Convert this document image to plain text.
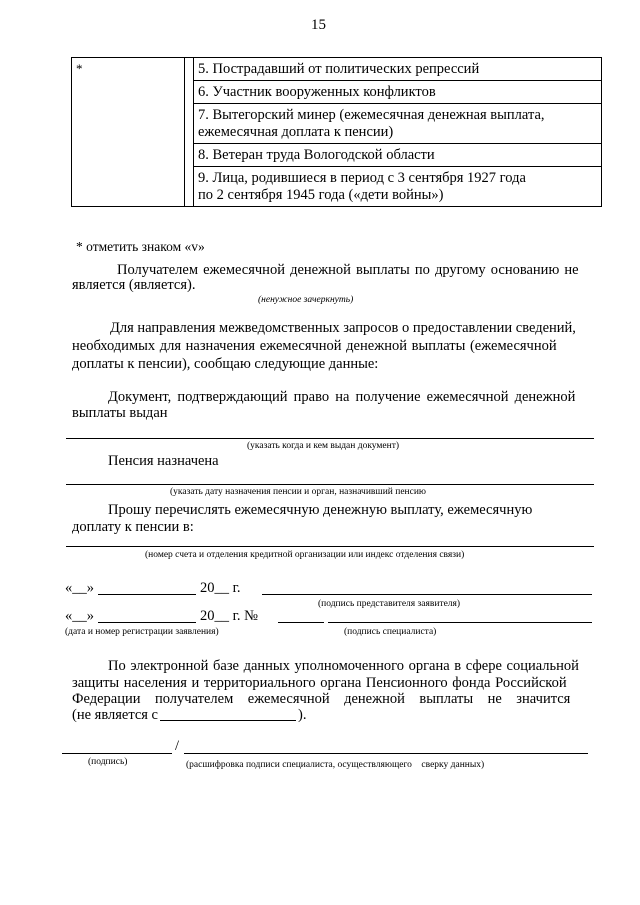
15
*		5. Пострадавший от политических репрессий
6. Участник вооруженных конфликтов
7. Вытегорский минер (ежемесячная денежная выплата,
ежемесячная доплата к пенсии)
8. Ветеран труда Вологодской области
9. Лица, родившиеся в период с 3 сентября 1927 года
по 2 сентября 1945 года («дети войны»)
* отметить знаком «v»
Получателем ежемесячной денежной выплаты по другому основанию не
является (является).
(ненужное зачеркнуть)
Для направления межведомственных запросов о предоставлении сведений,
необходимых для назначения ежемесячной денежной выплаты (ежемесячной
доплаты к пенсии), сообщаю следующие данные:
Документ, подтверждающий право на получение ежемесячной денежной
выплаты выдан
(указать когда и кем выдан документ)
Пенсия назначена
(указать дату назначения пенсии и орган, назначивший пенсию
Прошу перечислять ежемесячную денежную выплату, ежемесячную
доплату к пенсии в:
(номер счета и отделения кредитной организации или индекс отделения связи)
«__»	20__ г.
(подпись представителя заявителя)
«__»	20__ г. №
(дата и номер регистрации заявления)	(подпись специалиста)
По электронной базе данных уполномоченного органа в сфере социальной
защиты населения и территориального органа Пенсионного фонда Российской
Федерации    получателем    ежемесячной    денежной    выплаты    не    значится
(не является с	).
/
(подпись)	(расшифровка подписи специалиста, осуществляющего    сверку данных)
